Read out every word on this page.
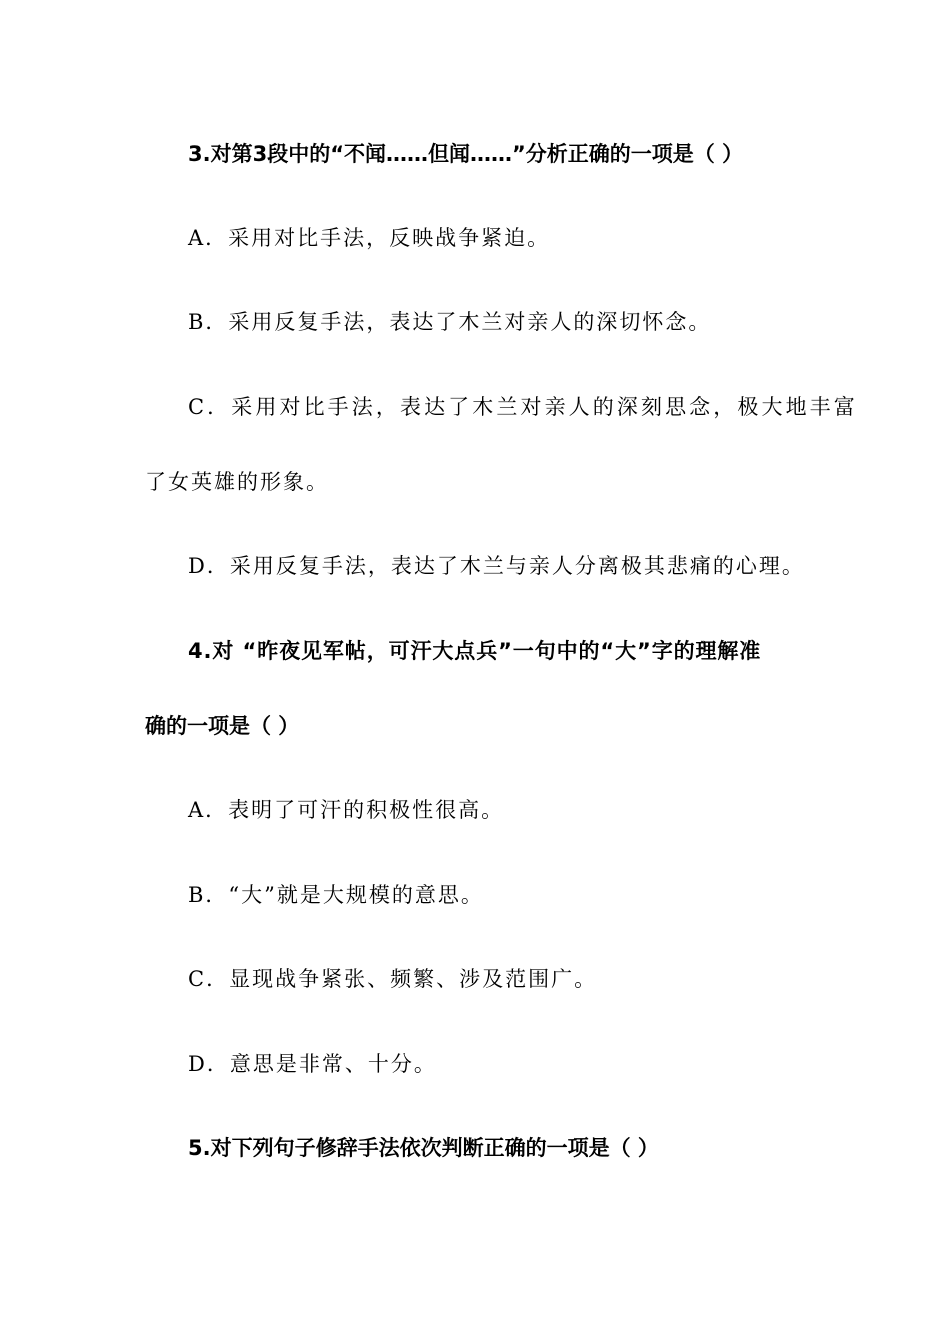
3.对第3段中的“不闻……但闻……”分析正确的一项是（ ）
A．采用对比手法，反映战争紧迫。
B．采用反复手法，表达了木兰对亲人的深切怀念。
C．采用对比手法，表达了木兰对亲人的深刻思念，极大地丰富
了女英雄的形象。
D．采用反复手法，表达了木兰与亲人分离极其悲痛的心理。
4.对 “昨夜见军帖，可汗大点兵”一句中的“大”字的理解准
确的一项是（ ）
A．表明了可汗的积极性很高。
B．“大”就是大规模的意思。
C．显现战争紧张、频繁、涉及范围广。
D．意思是非常、十分。
5.对下列句子修辞手法依次判断正确的一项是（ ）
